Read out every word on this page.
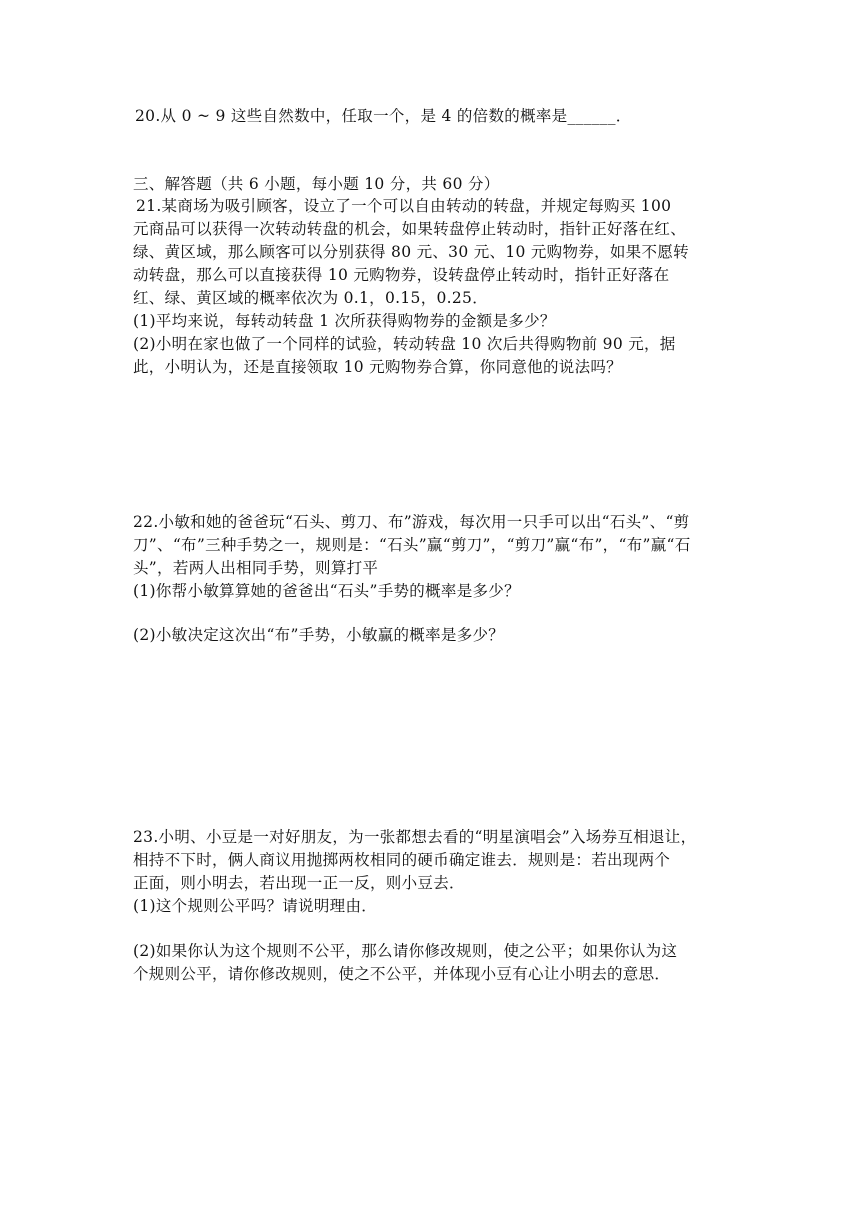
20.从 0 ~ 9 这些自然数中，任取一个，是 4 的倍数的概率是______．
三、解答题（共 6 小题，每小题 10 分，共 60 分）
21.某商场为吸引顾客，设立了一个可以自由转动的转盘，并规定每购买 100
元商品可以获得一次转动转盘的机会，如果转盘停止转动时，指针正好落在红、
绿、黄区域，那么顾客可以分别获得 80 元、30 元、10 元购物券，如果不愿转
动转盘，那么可以直接获得 10 元购物券，设转盘停止转动时，指针正好落在
红、绿、黄区域的概率依次为 0.1，0.15，0.25．
(1)平均来说，每转动转盘 1 次所获得购物券的金额是多少？
(2)小明在家也做了一个同样的试验，转动转盘 10 次后共得购物前 90 元，据
此，小明认为，还是直接领取 10 元购物券合算，你同意他的说法吗？
22.小敏和她的爸爸玩“石头、剪刀、布”游戏，每次用一只手可以出“石头”、“剪
刀”、“布”三种手势之一，规则是：“石头”赢“剪刀”，“剪刀”赢“布”，“布”赢“石
头”，若两人出相同手势，则算打平
(1)你帮小敏算算她的爸爸出“石头”手势的概率是多少？
(2)小敏决定这次出“布”手势，小敏赢的概率是多少？
23.小明、小豆是一对好朋友，为一张都想去看的“明星演唱会”入场券互相退让，
相持不下时，俩人商议用抛掷两枚相同的硬币确定谁去．规则是：若出现两个
正面，则小明去，若出现一正一反，则小豆去．
(1)这个规则公平吗？请说明理由．
(2)如果你认为这个规则不公平，那么请你修改规则，使之公平；如果你认为这
个规则公平，请你修改规则，使之不公平，并体现小豆有心让小明去的意思．
